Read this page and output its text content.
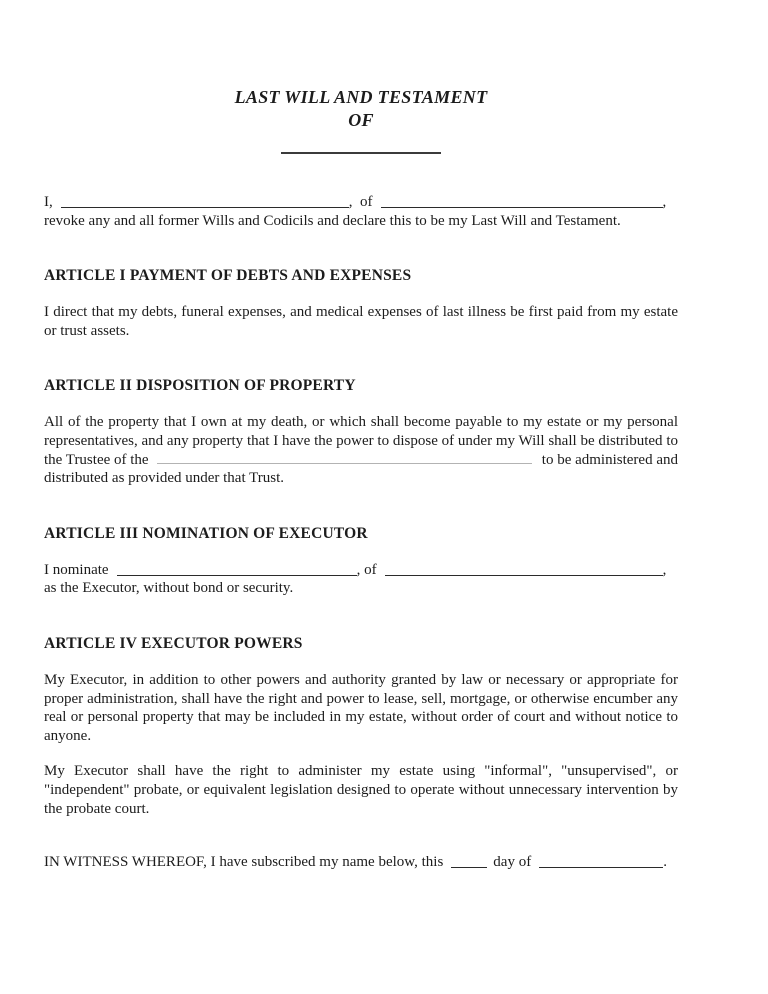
LAST WILL AND TESTAMENT
OF
I,	,  of	,
revoke any and all former Wills and Codicils and declare this to be my Last Will and Testament.
ARTICLE I PAYMENT OF DEBTS AND EXPENSES
I direct that my debts, funeral expenses, and medical expenses of last illness be first paid from my estate
or trust assets.
ARTICLE II DISPOSITION OF PROPERTY
All of the property that I own at my death, or which shall become payable to my estate or my personal
representatives, and any property that I have the power to dispose of under my Will shall be distributed to
the Trustee of the	to be administered and
distributed as provided under that Trust.
ARTICLE III NOMINATION OF EXECUTOR
I nominate	, of	,
as the Executor, without bond or security.
ARTICLE IV EXECUTOR POWERS
My Executor, in addition to other powers and authority granted by law or necessary or appropriate for
proper administration, shall have the right and power to lease, sell, mortgage, or otherwise encumber any
real or personal property that may be included in my estate, without order of court and without notice to
anyone.
My Executor shall have the right to administer my estate using "informal", "unsupervised", or
"independent" probate, or equivalent legislation designed to operate without unnecessary intervention by
the probate court.
IN WITNESS WHEREOF, I have subscribed my name below, this	day of	.
